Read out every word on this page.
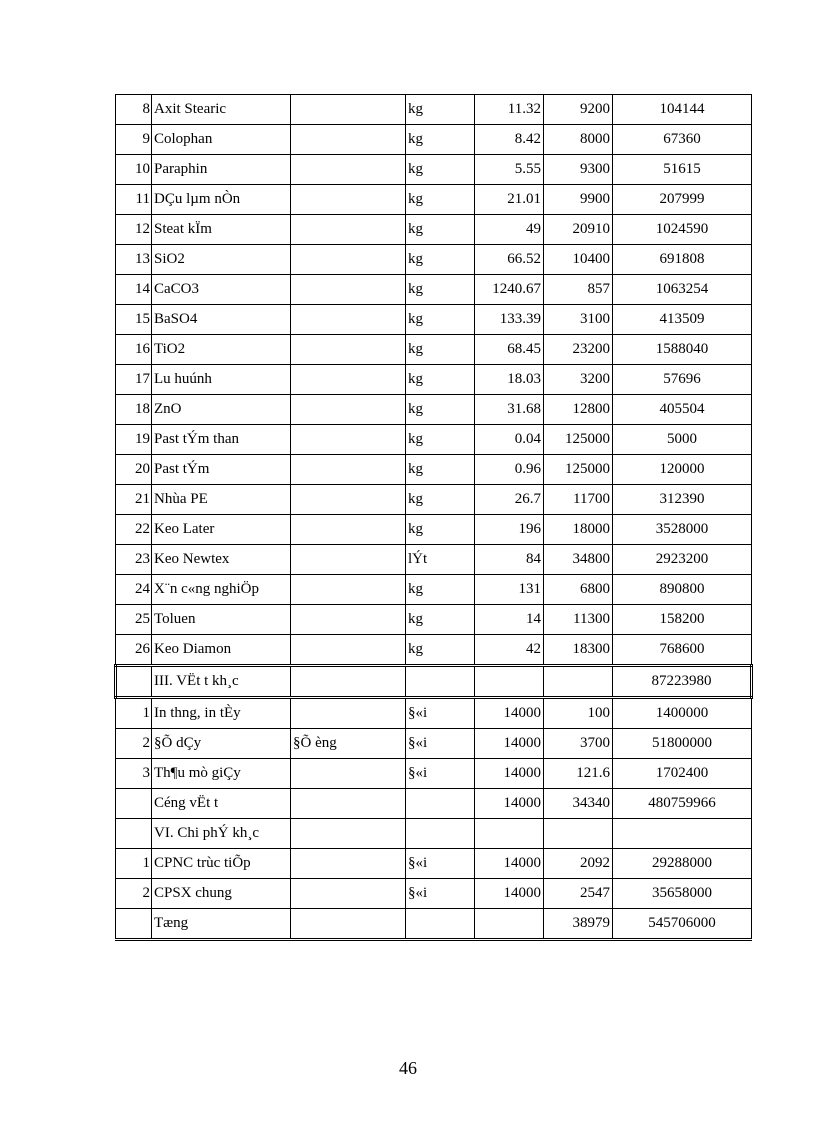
8	Axit Stearic		kg	11.32	9200	104144
9	Colophan		kg	8.42	8000	67360
10	Paraphin		kg	5.55	9300	51615
11	DÇu lµm nÒn		kg	21.01	9900	207999
12	Steat kÏm		kg	49	20910	1024590
13	SiO2		kg	66.52	10400	691808
14	CaCO3		kg	1240.67	857	1063254
15	BaSO4		kg	133.39	3100	413509
16	TiO2		kg	68.45	23200	1588040
17	Lu huúnh		kg	18.03	3200	57696
18	ZnO		kg	31.68	12800	405504
19	Past tÝm than		kg	0.04	125000	5000
20	Past tÝm		kg	0.96	125000	120000
21	Nhùa PE		kg	26.7	11700	312390
22	Keo Later		kg	196	18000	3528000
23	Keo Newtex		lÝt	84	34800	2923200
24	X¨n c«ng nghiÖp		kg	131	6800	890800
25	Toluen		kg	14	11300	158200
26	Keo Diamon		kg	42	18300	768600
	III. VËt t kh¸c					87223980
1	In thng, in tÈy		§«i	14000	100	1400000
2	§Õ dÇy	§Õ èng	§«i	14000	3700	51800000
3	Th¶u mò giÇy		§«i	14000	121.6	1702400
	Céng vËt t			14000	34340	480759966
	VI. Chi phÝ kh¸c					
1	CPNC trùc tiÕp		§«i	14000	2092	29288000
2	CPSX chung		§«i	14000	2547	35658000
	Tæng				38979	545706000
46
